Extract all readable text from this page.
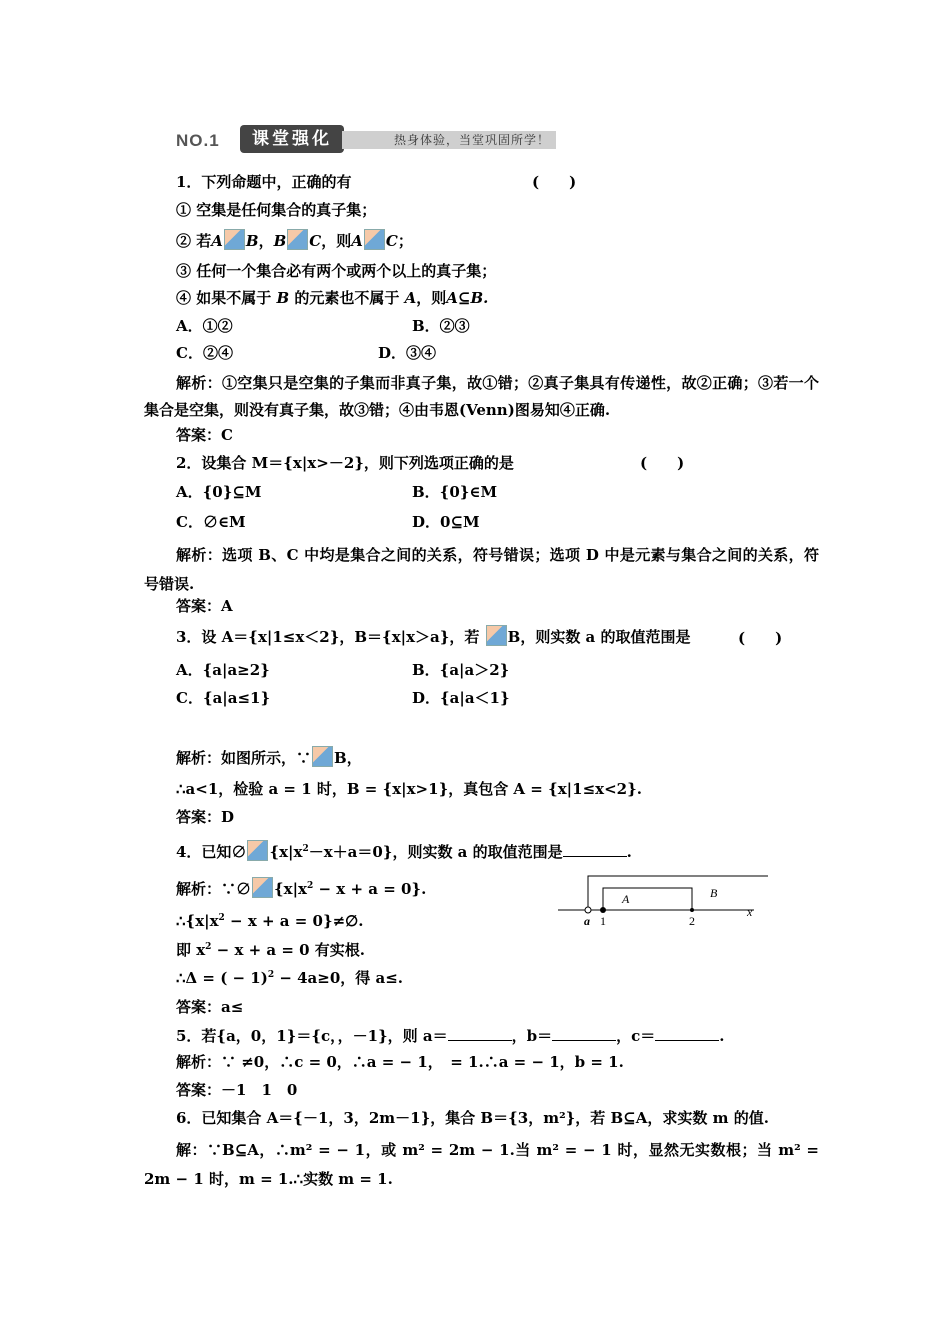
NO.1	课堂强化	热身体验，当堂巩固所学！
1．下列命题中，正确的有	(　　)
① 空集是任何集合的真子集；
② 若A B，B C，则A C；
③ 任何一个集合必有两个或两个以上的真子集；
④ 如果不属于 B 的元素也不属于 A，则A⊆B.
A．①②	B．②③
C．②④	D．③④
解析：①空集只是空集的子集而非真子集，故①错；②真子集具有传递性，故②正确；③若一个集合是空集，则没有真子集，故③错；④由韦恩(Venn)图易知④正确.
答案：C
2．设集合 M＝{x|x>－2}，则下列选项正确的是	(　　)
A．{0}⊆M	B．{0}∈M
C．∅∈M	D．0⊆M
解析：选项 B、C 中均是集合之间的关系，符号错误；选项 D 中是元素与集合之间的关系，符号错误.
答案：A
3．设 A＝{x|1≤x＜2}，B＝{x|x＞a}，若 B，则实数 a 的取值范围是	(　　)
A．{a|a≥2}	B．{a|a＞2}
C．{a|a≤1}	D．{a|a＜1}
解析：如图所示，∵ B，
∴a<1，检验 a = 1 时，B = {x|x>1}，真包含 A = {x|1≤x<2}.
答案：D
4．已知∅ $\{x|x^2-x+a=0\}$，则实数 a 的取值范围是	.
解析：∵∅ $\{x|x^2 - x + a = 0\}$.
$\therefore\{x|x^2 - x + a$ = 0}≠∅.
即 $x^2 - x + a = 0$ 有实根.
∴Δ = ( − 1)$^2$ − 4a≥0，得 a≤.
答案：a≤
A	B
a 1	2
x
5．若{a，0，1}＝{c，，－1}，则 a＝	，b＝	，c＝	.
解析：∵ ≠0，∴c = 0，∴a = − 1，　= 1.∴a = − 1，b = 1.
答案：－1　1　0
6．已知集合 A＝{－1，3，2m－1}，集合 B＝{3，m²}，若 B⊆A，求实数 m 的值.
解：∵B⊆A，∴m² = − 1，或 m² = 2m − 1.当 m² = − 1 时，显然无实数根；当 m² = 2m − 1 时，m = 1.∴实数 m = 1.
